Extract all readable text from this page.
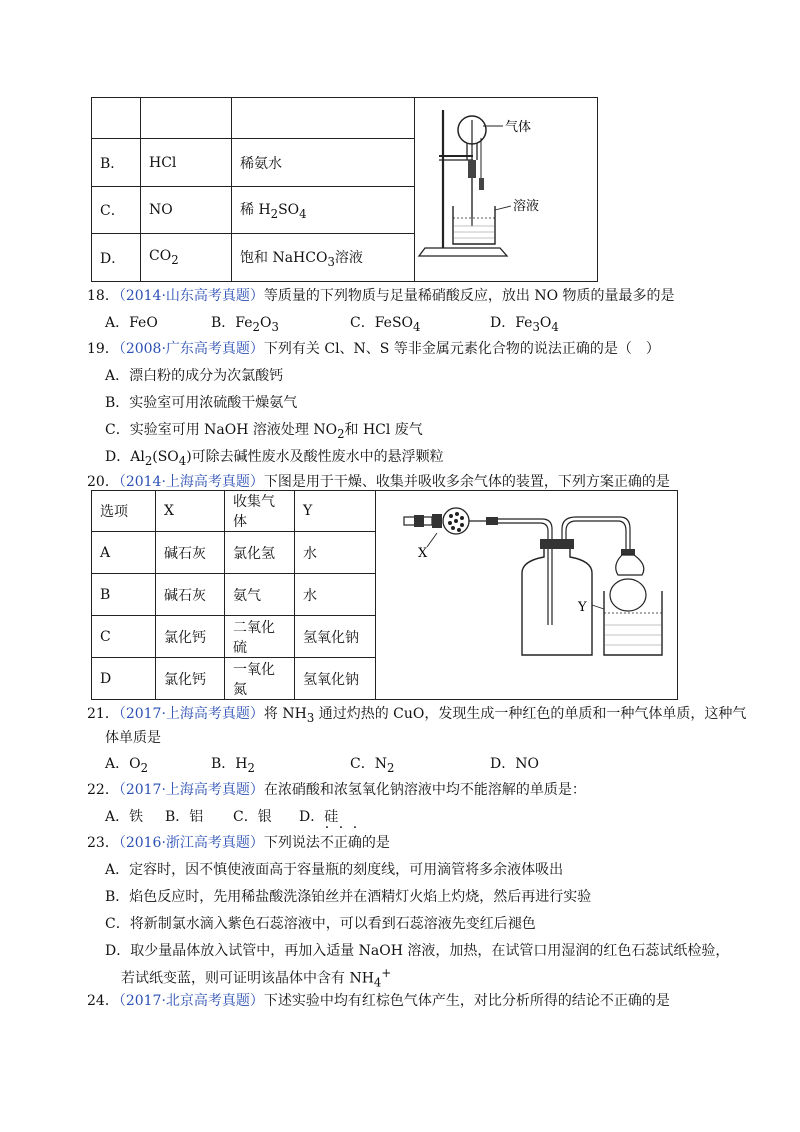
气体
溶液

B．	HCl	稀氨水	
C．	NO	稀 $H_2SO_4$
D．	$CO_2$	饱和 NaHCO$_3$溶液	
18．（2014·山东高考真题）等质量的下列物质与足量稀硝酸反应，放出 NO 物质的量最多的是
A．FeO	B．$Fe_2O_3$	C．FeSO$_4$	D．$Fe_3O_4$
19．（2008·广东高考真题）下列有关 Cl、N、S 等非金属元素化合物的说法正确的是（　）
A．漂白粉的成分为次氯酸钙
B．实验室可用浓硫酸干燥氨气
C．实验室可用 NaOH 溶液处理 $NO_2$和 HCl 废气
D．$Al_2(SO_4)$可除去碱性废水及酸性废水中的悬浮颗粒
20．（2014·上海高考真题）下图是用于干燥、收集并吸收多余气体的装置，下列方案正确的是
选项	X	收集气体	Y
A	碱石灰	氯化氢	水
B	碱石灰	氨气	水
C	氯化钙	二氧化硫	氢氧化钠
D	氯化钙	一氧化氮	氢氧化钠
X
Y
21．（2017·上海高考真题）将 $NH_3$ 通过灼热的 CuO，发现生成一种红色的单质和一种气体单质，这种气
体单质是
A．$O_2$	B．$H_2$	C．$N_2$	D．NO
22．（2017·上海高考真题）在浓硝酸和浓氢氧化钠溶液中均不能溶解的单质是：
A．铁 B．铝 C．银 D．硅
23．（2016·浙江高考真题）下列说法不正确的是
A．定容时，因不慎使液面高于容量瓶的刻度线，可用滴管将多余液体吸出
B．焰色反应时，先用稀盐酸洗涤铂丝并在酒精灯火焰上灼烧，然后再进行实验
C．将新制氯水滴入紫色石蕊溶液中，可以看到石蕊溶液先变红后褪色
D．取少量晶体放入试管中，再加入适量 NaOH 溶液，加热，在试管口用湿润的红色石蕊试纸检验，
若试纸变蓝，则可证明该晶体中含有 $NH_4^+$
24．（2017·北京高考真题）下述实验中均有红棕色气体产生，对比分析所得的结论不正确的是
